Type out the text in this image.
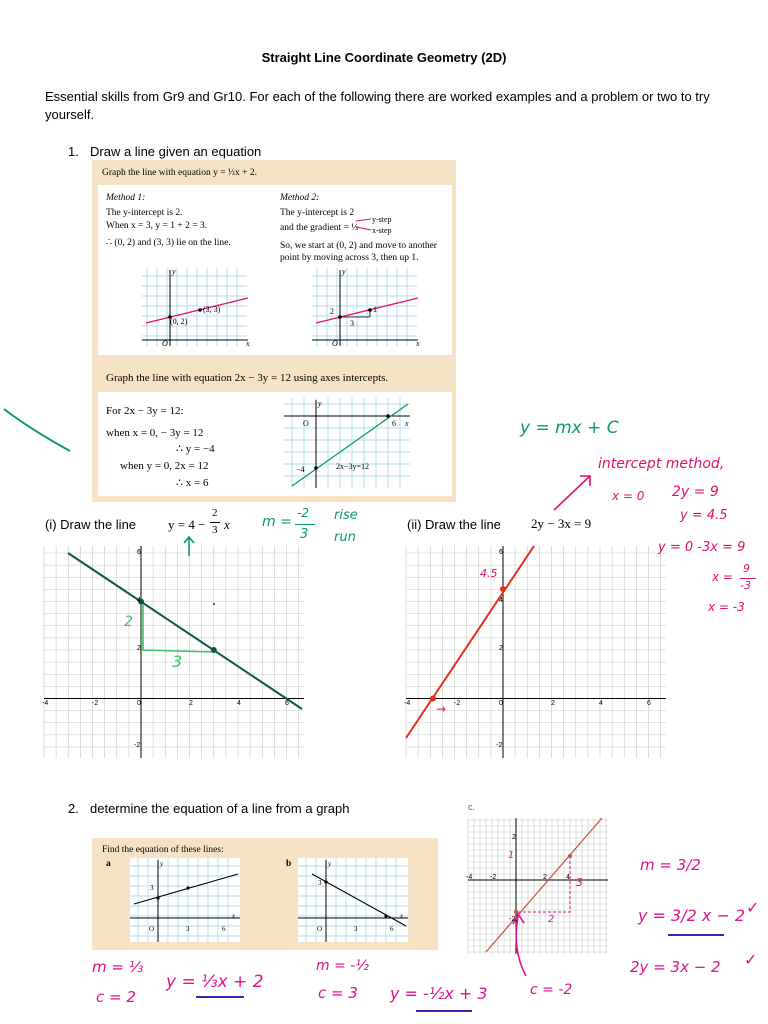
Straight Line Coordinate Geometry (2D)
Essential skills from Gr9 and Gr10. For each of the following there are worked examples and a problem or two to try yourself.
1. Draw a line given an equation
Graph the line with equation y = ⅓x + 2.
Method 1:
The y-intercept is 2.
When x = 3, y = 1 + 2 = 3.
∴ (0, 2) and (3, 3) lie on the line.
Method 2:
The y-intercept is 2
and the gradient = ⅓
y-step
x-step
So, we start at (0, 2) and move to another
point by moving across 3, then up 1.
y
(0, 2)
(3, 3)
O	x
y
2
3
1
O	x
Graph the line with equation 2x − 3y = 12 using axes intercepts.
For 2x − 3y = 12:
when x = 0, − 3y = 12
∴ y = −4
when y = 0, 2x = 12
∴ x = 6
y
O	6 x
−4	2x−3y=12
(i) Draw the line y = 4 −
2
3 x	(ii) Draw the line 2y − 3x = 9
-4	-2	0	2	4	6
6
4
2
-2
2
3
-4	-2	0	2	4	6
6
4
2
-2
4.5
→
y = mx + C
intercept method,
x = 0 2y = 9
y = 4.5
y = 0 -3x = 9
x =
9
-3
x = -3
m =
-2
3
rise
run
2. determine the equation of a line from a graph
Find the equation of these lines:
a	b
3
O	3	6
x
y
3
O	3	6
x
y
c.
2
-2
2
-2	4
-4
1
3
2
m = ⅓
c = 2
y = ⅓x + 2
m = -½
c = 3 y = -½x + 3	c = -2
m = 3/2
y = 3/2 x − 2 ✓
2y = 3x − 2 ✓
